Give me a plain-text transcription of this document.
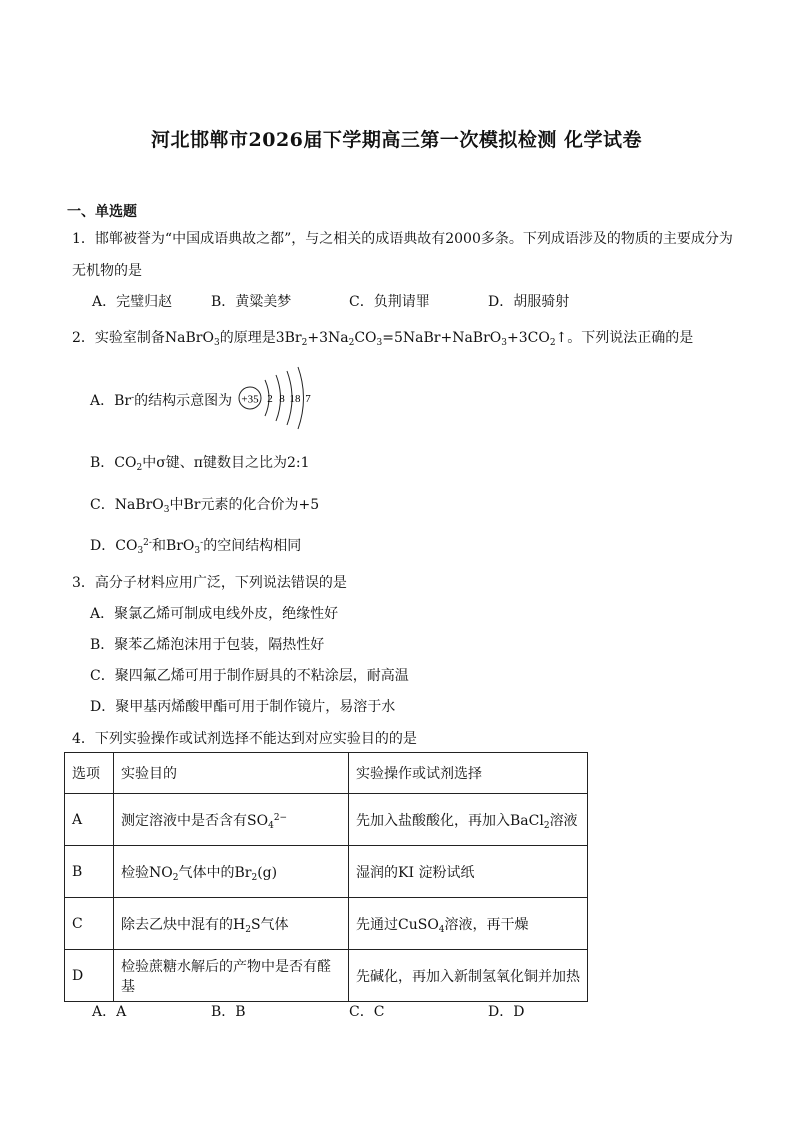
河北邯郸市2026届下学期高三第一次模拟检测 化学试卷
一、单选题
1．邯郸被誉为“中国成语典故之都”，与之相关的成语典故有2000多条。下列成语涉及的物质的主要成分为
无机物的是
A．完璧归赵	B．黄粱美梦	C．负荆请罪	D．胡服骑射
2．实验室制备NaBrO$_3$的原理是$3Br_2+3Na_2CO_3=5NaBr+NaBrO_3+3CO_2↑$。下列说法正确的是
A．Br-的结构示意图为 +35 2 8 18 7
B．$CO_2$中σ键、π键数目之比为2:1
C．NaBrO$_3$中Br元素的化合价为+5
D．$CO_3^{2-}$和BrO$_3$-的空间结构相同
3．高分子材料应用广泛，下列说法错误的是
A．聚氯乙烯可制成电线外皮，绝缘性好
B．聚苯乙烯泡沫用于包装，隔热性好
C．聚四氟乙烯可用于制作厨具的不粘涂层，耐高温
D．聚甲基丙烯酸甲酯可用于制作镜片，易溶于水
4．下列实验操作或试剂选择不能达到对应实验目的的是
选项	实验目的	实验操作或试剂选择
A	测定溶液中是否含有$SO_4^{2-}$	先加入盐酸酸化，再加入BaCl$_2$溶液
B	检验$NO_2$气体中的$Br_2(g)$	湿润的KI 淀粉试纸
C	除去乙炔中混有的$H_2S$气体	先通过CuSO$_4$溶液，再干燥
D	检验蔗糖水解后的产物中是否有醛基	先碱化，再加入新制氢氧化铜并加热
A．A	B．B	C．C	D．D
